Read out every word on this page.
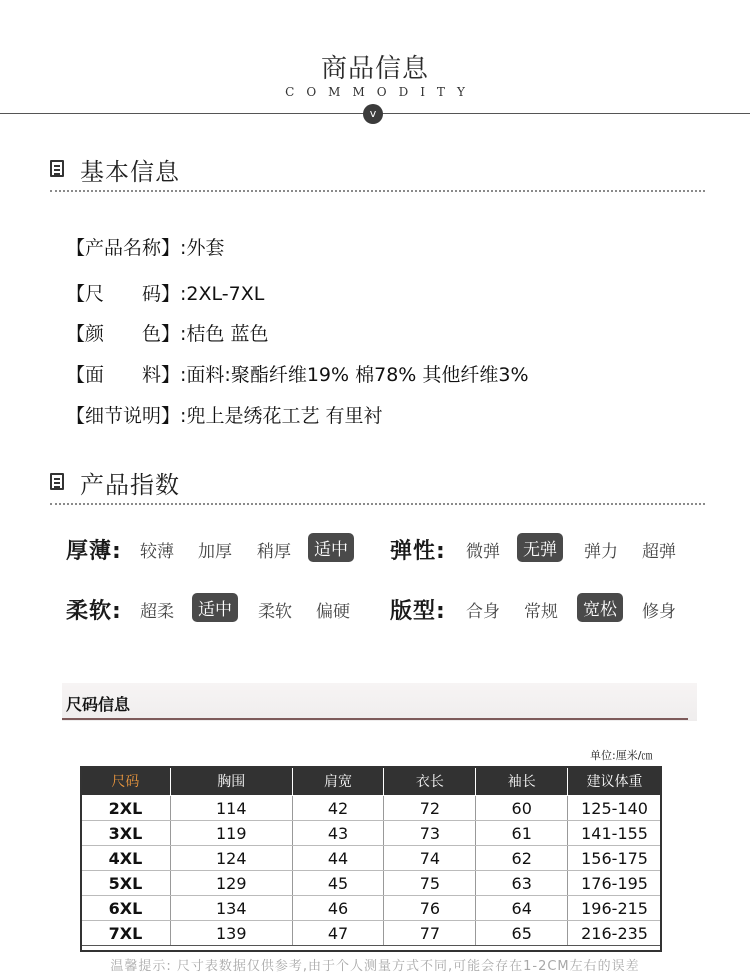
商品信息
COMMODITY
v
基本信息
【产品名称】:外套
【 尺 码 】:2XL-7XL
【 颜 色 】:桔色 蓝色
【 面 料 】:面料:聚酯纤维19% 棉78% 其他纤维3%
【细节说明】:兜上是绣花工艺 有里衬
产品指数
厚薄:	较薄	加厚	稍厚	适中 弹性:	微弹	无弹	弹力	超弹
柔软:	超柔	适中	柔软	偏硬 版型:	合身	常规	宽松	修身
尺码信息
单位:厘米/㎝
尺码	胸围	肩宽	衣长	袖长	建议体重
2XL	114	42	72	60	125-140
3XL	119	43	73	61	141-155
4XL	124	44	74	62	156-175
5XL	129	45	75	63	176-195
6XL	134	46	76	64	196-215
7XL	139	47	77	65	216-235
温馨提示: 尺寸表数据仅供参考,由于个人测量方式不同,可能会存在1-2CM左右的误差
